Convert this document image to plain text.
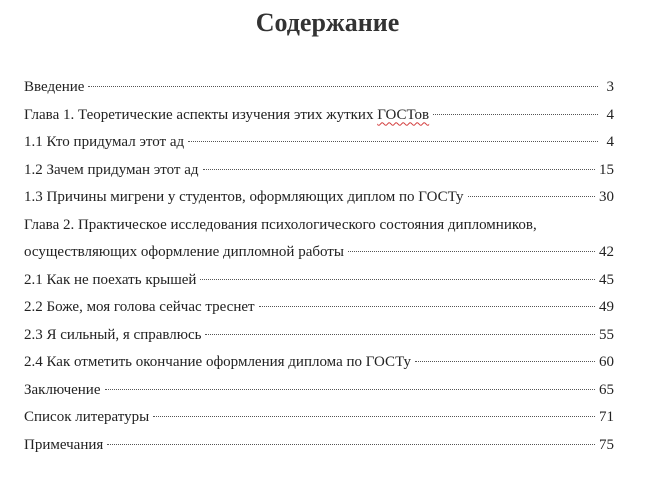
Содержание
Введение	3
Глава 1. Теоретические аспекты изучения этих жутких ГОСТов	4
1.1 Кто придумал этот ад	4
1.2 Зачем придуман этот ад	15
1.3 Причины мигрени у студентов, оформляющих диплом по ГОСТу	30
Глава 2. Практическое исследования психологического состояния дипломников,
осуществляющих оформление дипломной работы	42
2.1 Как не поехать крышей	45
2.2 Боже, моя голова сейчас треснет	49
2.3 Я сильный, я справлюсь	55
2.4 Как отметить окончание оформления диплома по ГОСТу	60
Заключение	65
Список литературы	71
Примечания	75
